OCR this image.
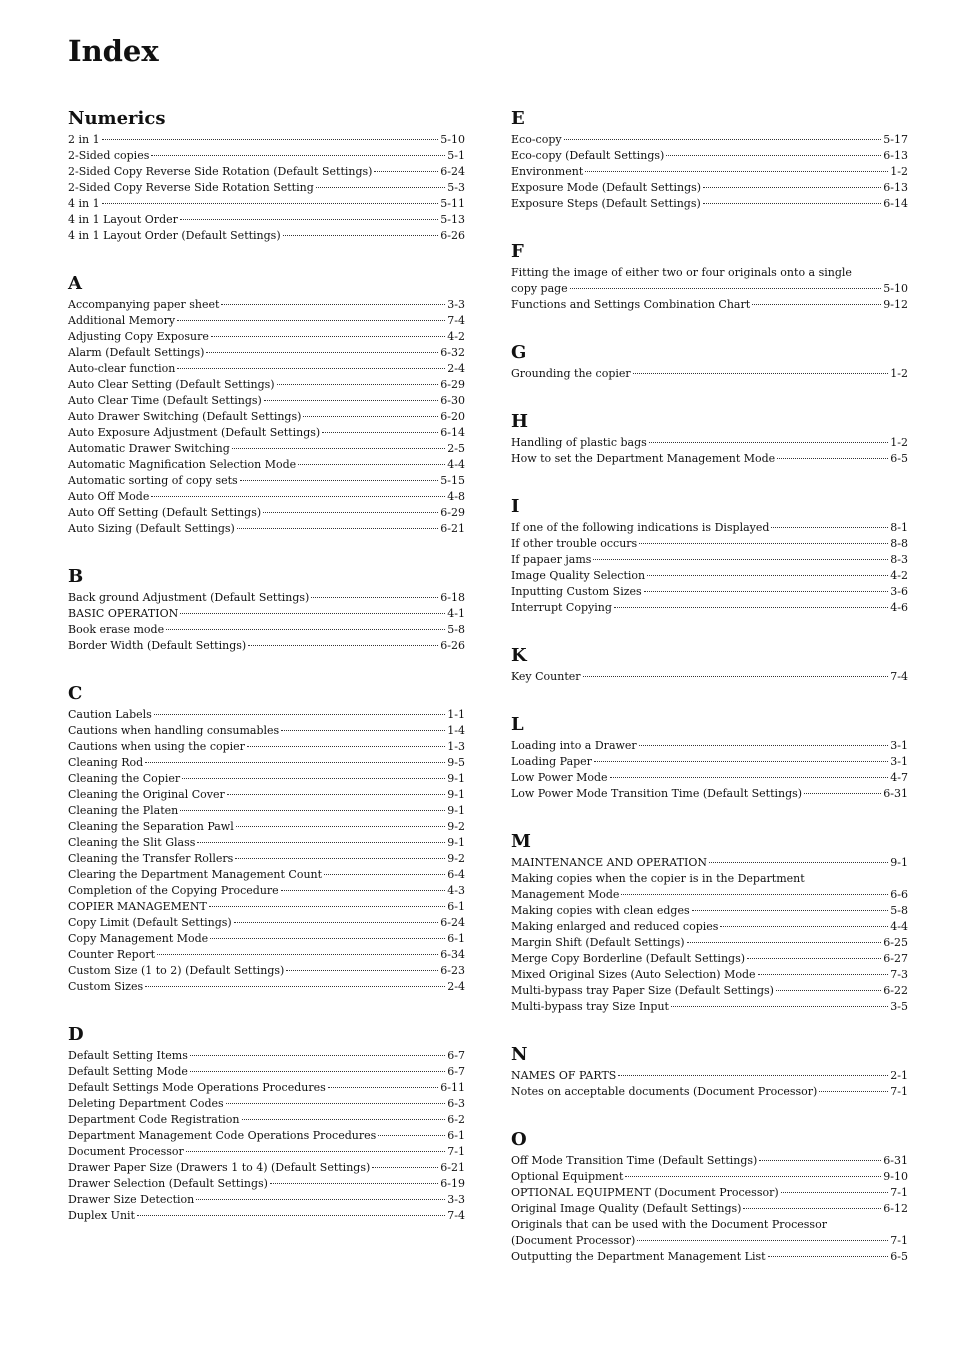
Index
Numerics
2 in 1	5-10
2-Sided copies	5-1
2-Sided Copy Reverse Side Rotation (Default Settings)	6-24
2-Sided Copy Reverse Side Rotation Setting	5-3
4 in 1	5-11
4 in 1 Layout Order	5-13
4 in 1 Layout Order (Default Settings)	6-26
A
Accompanying paper sheet	3-3
Additional Memory	7-4
Adjusting Copy Exposure	4-2
Alarm (Default Settings)	6-32
Auto-clear function	2-4
Auto Clear Setting (Default Settings)	6-29
Auto Clear Time (Default Settings)	6-30
Auto Drawer Switching (Default Settings)	6-20
Auto Exposure Adjustment (Default Settings)	6-14
Automatic Drawer Switching	2-5
Automatic Magnification Selection Mode	4-4
Automatic sorting of copy sets	5-15
Auto Off Mode	4-8
Auto Off Setting (Default Settings)	6-29
Auto Sizing (Default Settings)	6-21
B
Back ground Adjustment (Default Settings)	6-18
BASIC OPERATION	4-1
Book erase mode	5-8
Border Width (Default Settings)	6-26
C
Caution Labels	1-1
Cautions when handling consumables	1-4
Cautions when using the copier	1-3
Cleaning Rod	9-5
Cleaning the Copier	9-1
Cleaning the Original Cover	9-1
Cleaning the Platen	9-1
Cleaning the Separation Pawl	9-2
Cleaning the Slit Glass	9-1
Cleaning the Transfer Rollers	9-2
Clearing the Department Management Count	6-4
Completion of the Copying Procedure	4-3
COPIER MANAGEMENT	6-1
Copy Limit (Default Settings)	6-24
Copy Management Mode	6-1
Counter Report	6-34
Custom Size (1 to 2) (Default Settings)	6-23
Custom Sizes	2-4
D
Default Setting Items	6-7
Default Setting Mode	6-7
Default Settings Mode Operations Procedures	6-11
Deleting Department Codes	6-3
Department Code Registration	6-2
Department Management Code Operations Procedures	6-1
Document Processor	7-1
Drawer Paper Size (Drawers 1 to 4) (Default Settings)	6-21
Drawer Selection (Default Settings)	6-19
Drawer Size Detection	3-3
Duplex Unit	7-4
E
Eco-copy	5-17
Eco-copy (Default Settings)	6-13
Environment	1-2
Exposure Mode (Default Settings)	6-13
Exposure Steps (Default Settings)	6-14
F
Fitting the image of either two or four originals onto a single
copy page	5-10
Functions and Settings Combination Chart	9-12
G
Grounding the copier	1-2
H
Handling of plastic bags	1-2
How to set the Department Management Mode	6-5
I
If one of the following indications is Displayed	8-1
If other trouble occurs	8-8
If papaer jams	8-3
Image Quality Selection	4-2
Inputting Custom Sizes	3-6
Interrupt Copying	4-6
K
Key Counter	7-4
L
Loading into a Drawer	3-1
Loading Paper	3-1
Low Power Mode	4-7
Low Power Mode Transition Time (Default Settings)	6-31
M
MAINTENANCE AND OPERATION	9-1
Making copies when the copier is in the Department
Management Mode	6-6
Making copies with clean edges	5-8
Making enlarged and reduced copies	4-4
Margin Shift (Default Settings)	6-25
Merge Copy Borderline (Default Settings)	6-27
Mixed Original Sizes (Auto Selection) Mode	7-3
Multi-bypass tray Paper Size (Default Settings)	6-22
Multi-bypass tray Size Input	3-5
N
NAMES OF PARTS	2-1
Notes on acceptable documents (Document Processor)	7-1
O
Off Mode Transition Time (Default Settings)	6-31
Optional Equipment	9-10
OPTIONAL EQUIPMENT (Document Processor)	7-1
Original Image Quality (Default Settings)	6-12
Originals that can be used with the Document Processor
(Document Processor)	7-1
Outputting the Department Management List	6-5
